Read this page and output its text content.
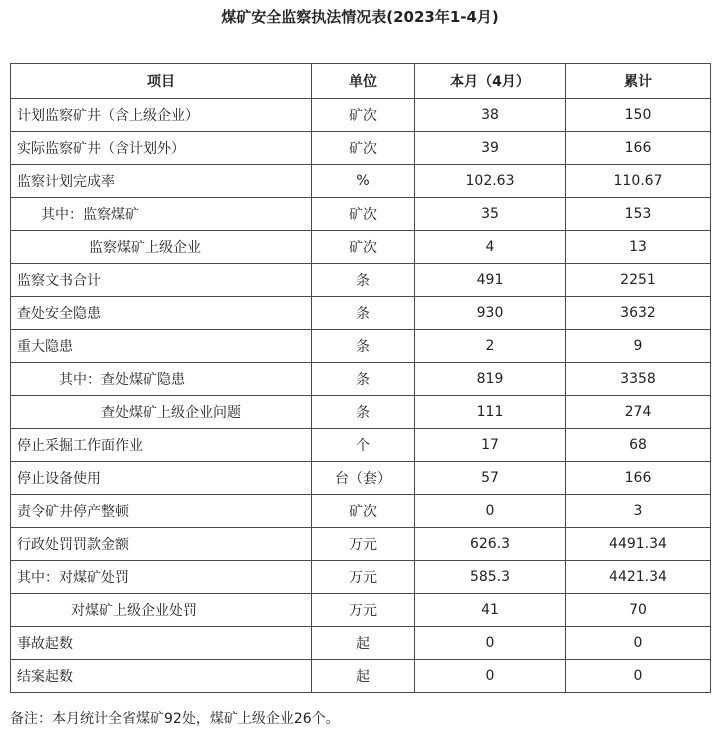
煤矿安全监察执法情况表(2023年1-4月)
项目	单位	本月（4月）	累计
计划监察矿井（含上级企业）	矿次	38	150
实际监察矿井（含计划外）	矿次	39	166
监察计划完成率	%	102.63	110.67
其中：监察煤矿	矿次	35	153
监察煤矿上级企业	矿次	4	13
监察文书合计	条	491	2251
查处安全隐患	条	930	3632
重大隐患	条	2	9
其中：查处煤矿隐患	条	819	3358
查处煤矿上级企业问题	条	111	274
停止采掘工作面作业	个	17	68
停止设备使用	台（套）	57	166
责令矿井停产整顿	矿次	0	3
行政处罚罚款金额	万元	626.3	4491.34
其中：对煤矿处罚	万元	585.3	4421.34
对煤矿上级企业处罚	万元	41	70
事故起数	起	0	0
结案起数	起	0	0
备注：本月统计全省煤矿92处，煤矿上级企业26个。
